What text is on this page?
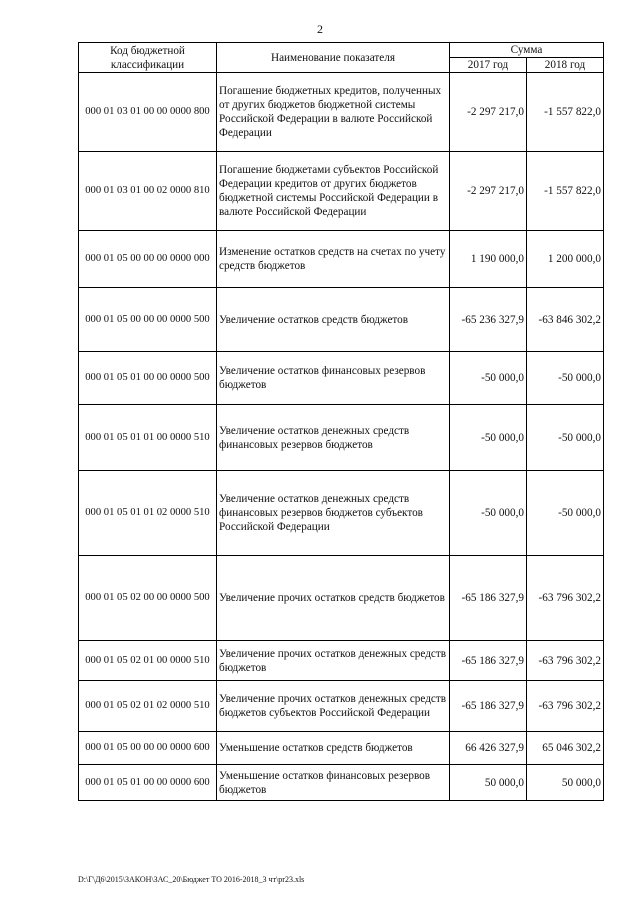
2
Код бюджетной классификации	Наименование показателя	Сумма	
		2017 год	2018 год
000 01 03 01 00 00 0000 800	Погашение бюджетных кредитов, полученных от других бюджетов бюджетной системы Российской Федерации в валюте Российской Федерации	-2 297 217,0	-1 557 822,0
000 01 03 01 00 02 0000 810	Погашение бюджетами субъектов Российской Федерации кредитов от других бюджетов бюджетной системы Российской Федерации в валюте Российской Федерации	-2 297 217,0	-1 557 822,0
000 01 05 00 00 00 0000 000	Изменение остатков средств на счетах по учету средств бюджетов	1 190 000,0	1 200 000,0
000 01 05 00 00 00 0000 500	Увеличение остатков средств бюджетов	-65 236 327,9	-63 846 302,2
000 01 05 01 00 00 0000 500	Увеличение остатков финансовых резервов бюджетов	-50 000,0	-50 000,0
000 01 05 01 01 00 0000 510	Увеличение остатков денежных средств финансовых резервов бюджетов	-50 000,0	-50 000,0
000 01 05 01 01 02 0000 510	Увеличение остатков денежных средств финансовых резервов бюджетов субъектов Российской Федерации	-50 000,0	-50 000,0
000 01 05 02 00 00 0000 500	Увеличение прочих остатков средств бюджетов	-65 186 327,9	-63 796 302,2
000 01 05 02 01 00 0000 510	Увеличение прочих остатков денежных средств бюджетов	-65 186 327,9	-63 796 302,2
000 01 05 02 01 02 0000 510	Увеличение прочих остатков денежных средств бюджетов субъектов Российской Федерации	-65 186 327,9	-63 796 302,2
000 01 05 00 00 00 0000 600	Уменьшение остатков средств бюджетов	66 426 327,9	65 046 302,2
000 01 05 01 00 00 0000 600	Уменьшение остатков финансовых резервов бюджетов	50 000,0	50 000,0
D:\Г\Д6\2015\ЗАКОН\ЗАС_20\Бюджет ТО 2016-2018_3 чт\pr23.xls
